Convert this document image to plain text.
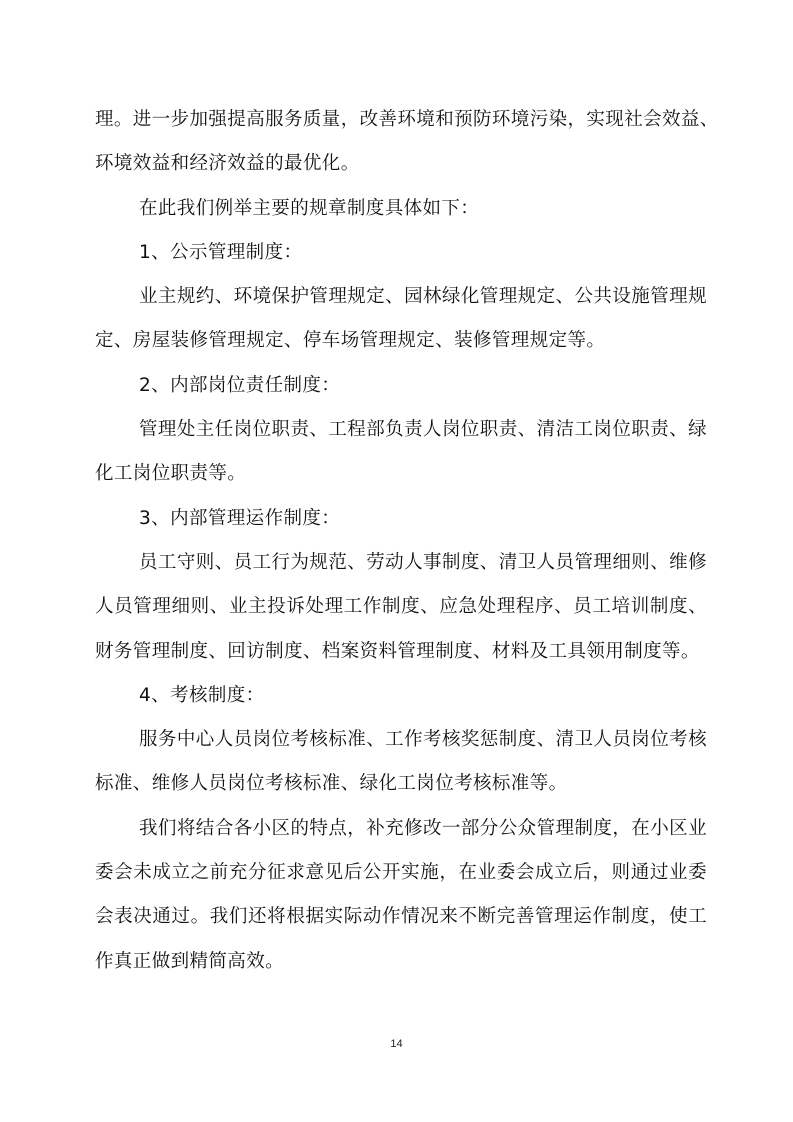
理。进一步加强提高服务质量，改善环境和预防环境污染，实现社会效益、
环境效益和经济效益的最优化。
在此我们例举主要的规章制度具体如下：
1、公示管理制度：
业主规约、环境保护管理规定、园林绿化管理规定、公共设施管理规
定、房屋装修管理规定、停车场管理规定、装修管理规定等。
2、内部岗位责任制度：
管理处主任岗位职责、工程部负责人岗位职责、清洁工岗位职责、绿
化工岗位职责等。
3、内部管理运作制度：
员工守则、员工行为规范、劳动人事制度、清卫人员管理细则、维修
人员管理细则、业主投诉处理工作制度、应急处理程序、员工培训制度、
财务管理制度、回访制度、档案资料管理制度、材料及工具领用制度等。
4、考核制度：
服务中心人员岗位考核标准、工作考核奖惩制度、清卫人员岗位考核
标准、维修人员岗位考核标准、绿化工岗位考核标准等。
我们将结合各小区的特点，补充修改一部分公众管理制度，在小区业
委会未成立之前充分征求意见后公开实施，在业委会成立后，则通过业委
会表决通过。我们还将根据实际动作情况来不断完善管理运作制度，使工
作真正做到精简高效。
14
